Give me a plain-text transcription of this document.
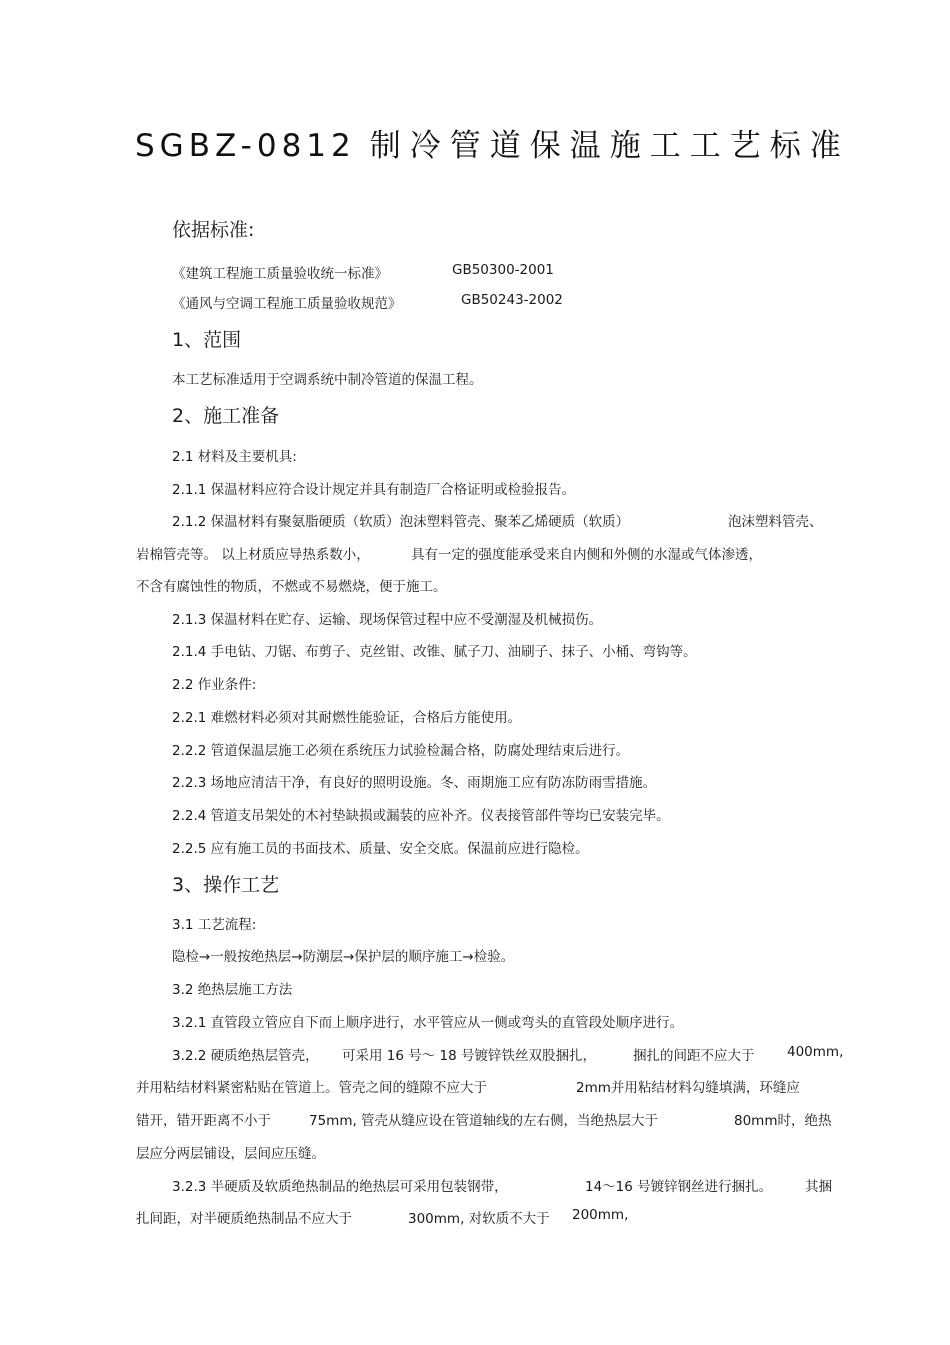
SGBZ-0812 制冷管道保温施工工艺标准
依据标准:
《建筑工程施工质量验收统一标准》	GB50300-2001
《通风与空调工程施工质量验收规范》	GB50243-2002
1、范围
本工艺标准适用于空调系统中制冷管道的保温工程。
2、施工准备
2.1 材料及主要机具:
2.1.1 保温材料应符合设计规定并具有制造厂合格证明或检验报告。
2.1.2 保温材料有聚氨脂硬质（软质）泡沫塑料管壳、聚苯乙烯硬质（软质）	泡沫塑料管壳、
岩棉管壳等。 以上材质应导热系数小，	具有一定的强度能承受来自内侧和外侧的水湿或气体渗透，
不含有腐蚀性的物质，不燃或不易燃烧，便于施工。
2.1.3 保温材料在贮存、运输、现场保管过程中应不受潮湿及机械损伤。
2.1.4 手电钻、刀锯、布剪子、克丝钳、改锥、腻子刀、油刷子、抹子、小桶、弯钩等。
2.2 作业条件:
2.2.1 难燃材料必须对其耐燃性能验证，合格后方能使用。
2.2.2 管道保温层施工必须在系统压力试验检漏合格，防腐处理结束后进行。
2.2.3 场地应清洁干净，有良好的照明设施。冬、雨期施工应有防冻防雨雪措施。
2.2.4 管道支吊架处的木衬垫缺损或漏装的应补齐。仪表接管部件等均已安装完毕。
2.2.5 应有施工员的书面技术、质量、安全交底。保温前应进行隐检。
3、操作工艺
3.1 工艺流程:
隐检→一般按绝热层→防潮层→保护层的顺序施工→检验。
3.2 绝热层施工方法
3.2.1 直管段立管应自下而上顺序进行，水平管应从一侧或弯头的直管段处顺序进行。
3.2.2 硬质绝热层管壳， 可采用 16 号～ 18 号镀锌铁丝双股捆扎，	捆扎的间距不应大于 400mm,
并用粘结材料紧密粘贴在管道上。管壳之间的缝隙不应大于	2mm并用粘结材料勾缝填满，环缝应
错开，错开距离不小于	75mm, 管壳从缝应设在管道轴线的左右侧，当绝热层大于	80mm时，绝热
层应分两层铺设，层间应压缝。
3.2.3 半硬质及软质绝热制品的绝热层可采用包装钢带，	14～16 号镀锌钢丝进行捆扎。 其捆
扎间距，对半硬质绝热制品不应大于	300mm, 对软质不大于 200mm,
